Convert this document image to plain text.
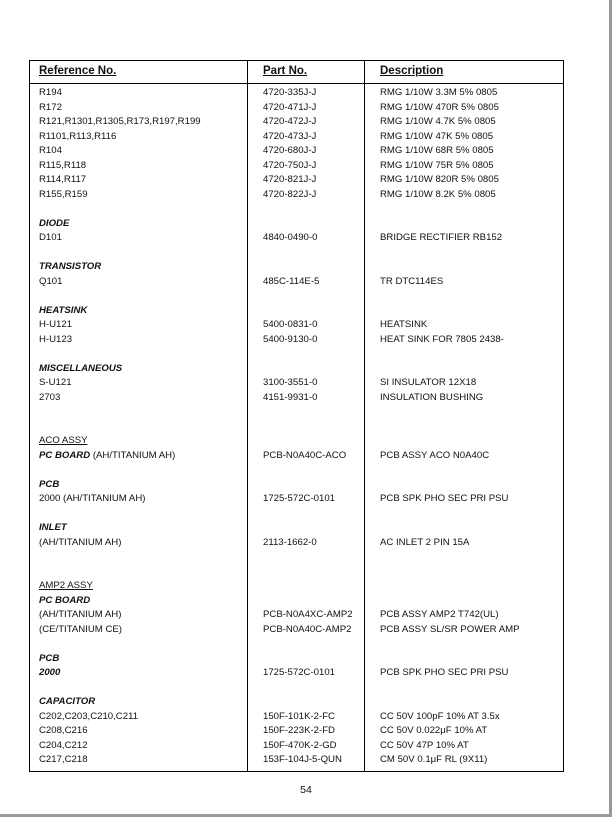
Reference No.	Part No.	Description
R194	4720-335J-J	RMG 1/10W 3.3M 5% 0805
R172	4720-471J-J	RMG 1/10W 470R 5% 0805
R121,R1301,R1305,R173,R197,R199	4720-472J-J	RMG 1/10W 4.7K 5% 0805
R1101,R113,R116	4720-473J-J	RMG 1/10W 47K 5% 0805
R104	4720-680J-J	RMG 1/10W 68R 5% 0805
R115,R118	4720-750J-J	RMG 1/10W 75R 5% 0805
R114,R117	4720-821J-J	RMG 1/10W 820R 5% 0805
R155,R159	4720-822J-J	RMG 1/10W 8.2K 5% 0805
DIODE
D101	4840-0490-0	BRIDGE RECTIFIER RB152
TRANSISTOR
Q101	485C-114E-5	TR DTC114ES
HEATSINK
H-U121	5400-0831-0	HEATSINK
H-U123	5400-9130-0	HEAT SINK FOR 7805 2438-
MISCELLANEOUS
S-U121	3100-3551-0	SI INSULATOR 12X18
2703	4151-9931-0	INSULATION BUSHING
ACO ASSY
PC BOARD (AH/TITANIUM AH)	PCB-N0A40C-ACO	PCB ASSY ACO N0A40C
PCB
2000 (AH/TITANIUM AH)	1725-572C-0101	PCB SPK PHO SEC PRI PSU
INLET
(AH/TITANIUM AH)	2113-1662-0	AC INLET 2 PIN 15A
AMP2 ASSY
PC BOARD
(AH/TITANIUM AH)	PCB-N0A4XC-AMP2	PCB ASSY AMP2 T742(UL)
(CE/TITANIUM CE)	PCB-N0A40C-AMP2	PCB ASSY SL/SR POWER AMP
PCB
2000	1725-572C-0101	PCB SPK PHO SEC PRI PSU
CAPACITOR
C202,C203,C210,C211	150F-101K-2-FC	CC 50V 100pF 10% AT 3.5x
C208,C216	150F-223K-2-FD	CC 50V 0.022μF 10% AT
C204,C212	150F-470K-2-GD	CC 50V 47P 10% AT
C217,C218	153F-104J-5-QUN	CM 50V 0.1μF RL (9X11)
54
